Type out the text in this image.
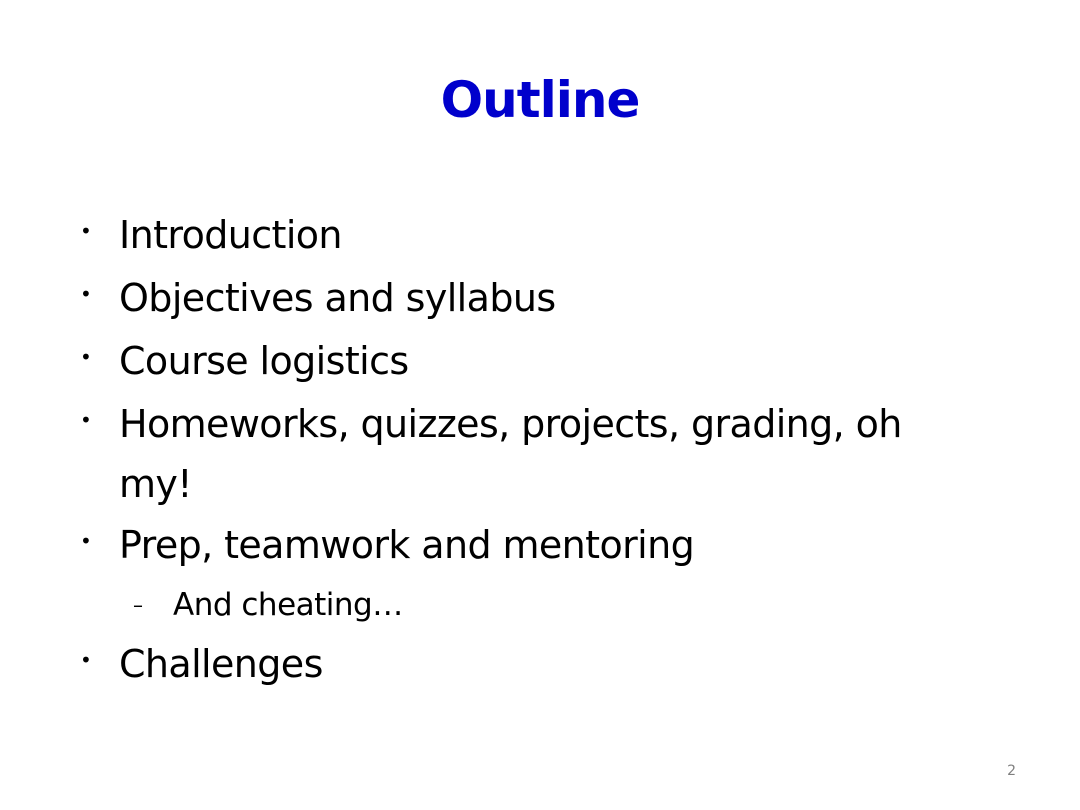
Outline
• Introduction
• Objectives and syllabus
• Course logistics
• Homeworks, quizzes, projects, grading, oh my!
• Prep, teamwork and mentoring
– And cheating…
• Challenges
2
